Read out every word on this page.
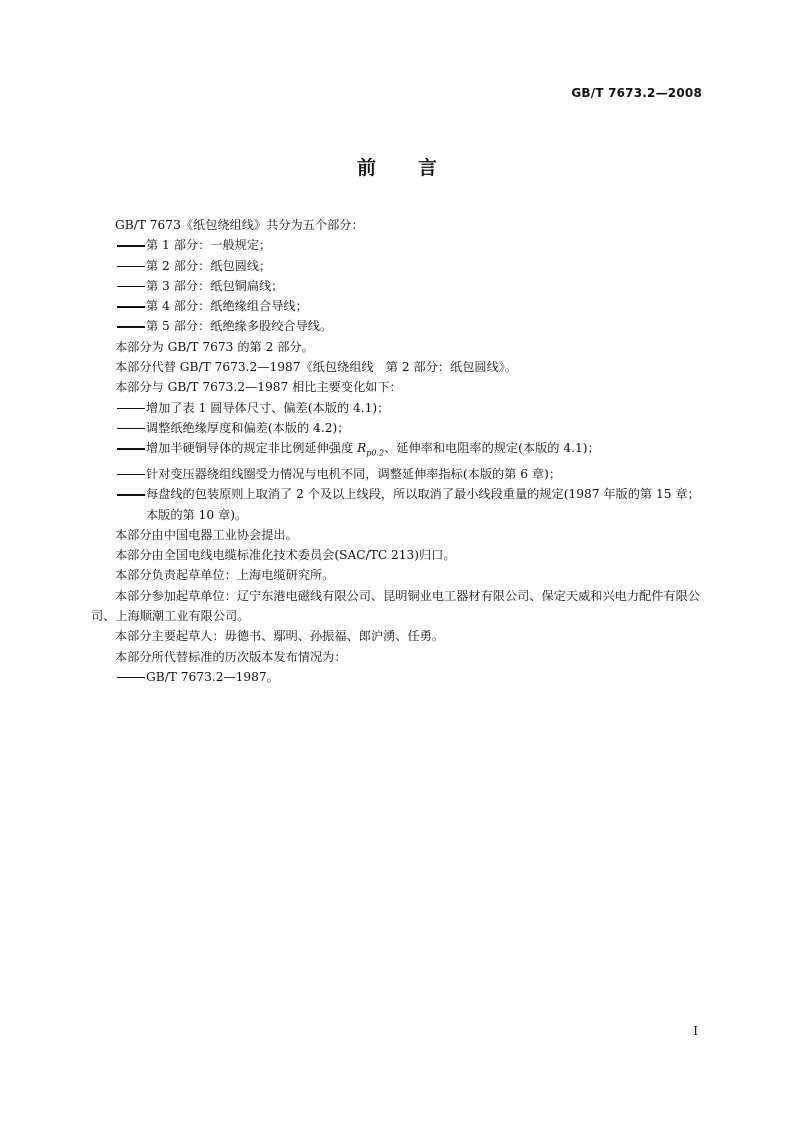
GB/T 7673.2—2008
前言

GB/T 7673《纸包绕组线》共分为五个部分：

第 1 部分：一般规定；

第 2 部分：纸包圆线；

第 3 部分：纸包铜扁线；

第 4 部分：纸绝缘组合导线；

第 5 部分：纸绝缘多股绞合导线。

本部分为 GB/T 7673 的第 2 部分。

本部分代替 GB/T 7673.2—1987《纸包绕组线　第 2 部分：纸包圆线》。

本部分与 GB/T 7673.2—1987 相比主要变化如下：

增加了表 1 圆导体尺寸、偏差(本版的 4.1)；

调整纸绝缘厚度和偏差(本版的 4.2)；

增加半硬铜导体的规定非比例延伸强度 $R_{p0.2}$、延伸率和电阻率的规定(本版的 4.1)；

针对变压器绕组线圈受力情况与电机不同，调整延伸率指标(本版的第 6 章)；

每盘线的包装原则上取消了 2 个及以上线段，所以取消了最小线段重量的规定(1987 年版的第 15 章；本版的第 10 章)。

本部分由中国电器工业协会提出。

本部分由全国电线电缆标准化技术委员会(SAC/TC 213)归口。

本部分负责起草单位：上海电缆研究所。

本部分参加起草单位：辽宁东港电磁线有限公司、昆明铜业电工器材有限公司、保定天威和兴电力配件有限公司、上海顺潮工业有限公司。

本部分主要起草人：毋德书、鄢明、孙振福、郎沪湧、任勇。

本部分所代替标准的历次版本发布情况为：

GB/T 7673.2—1987。

I
